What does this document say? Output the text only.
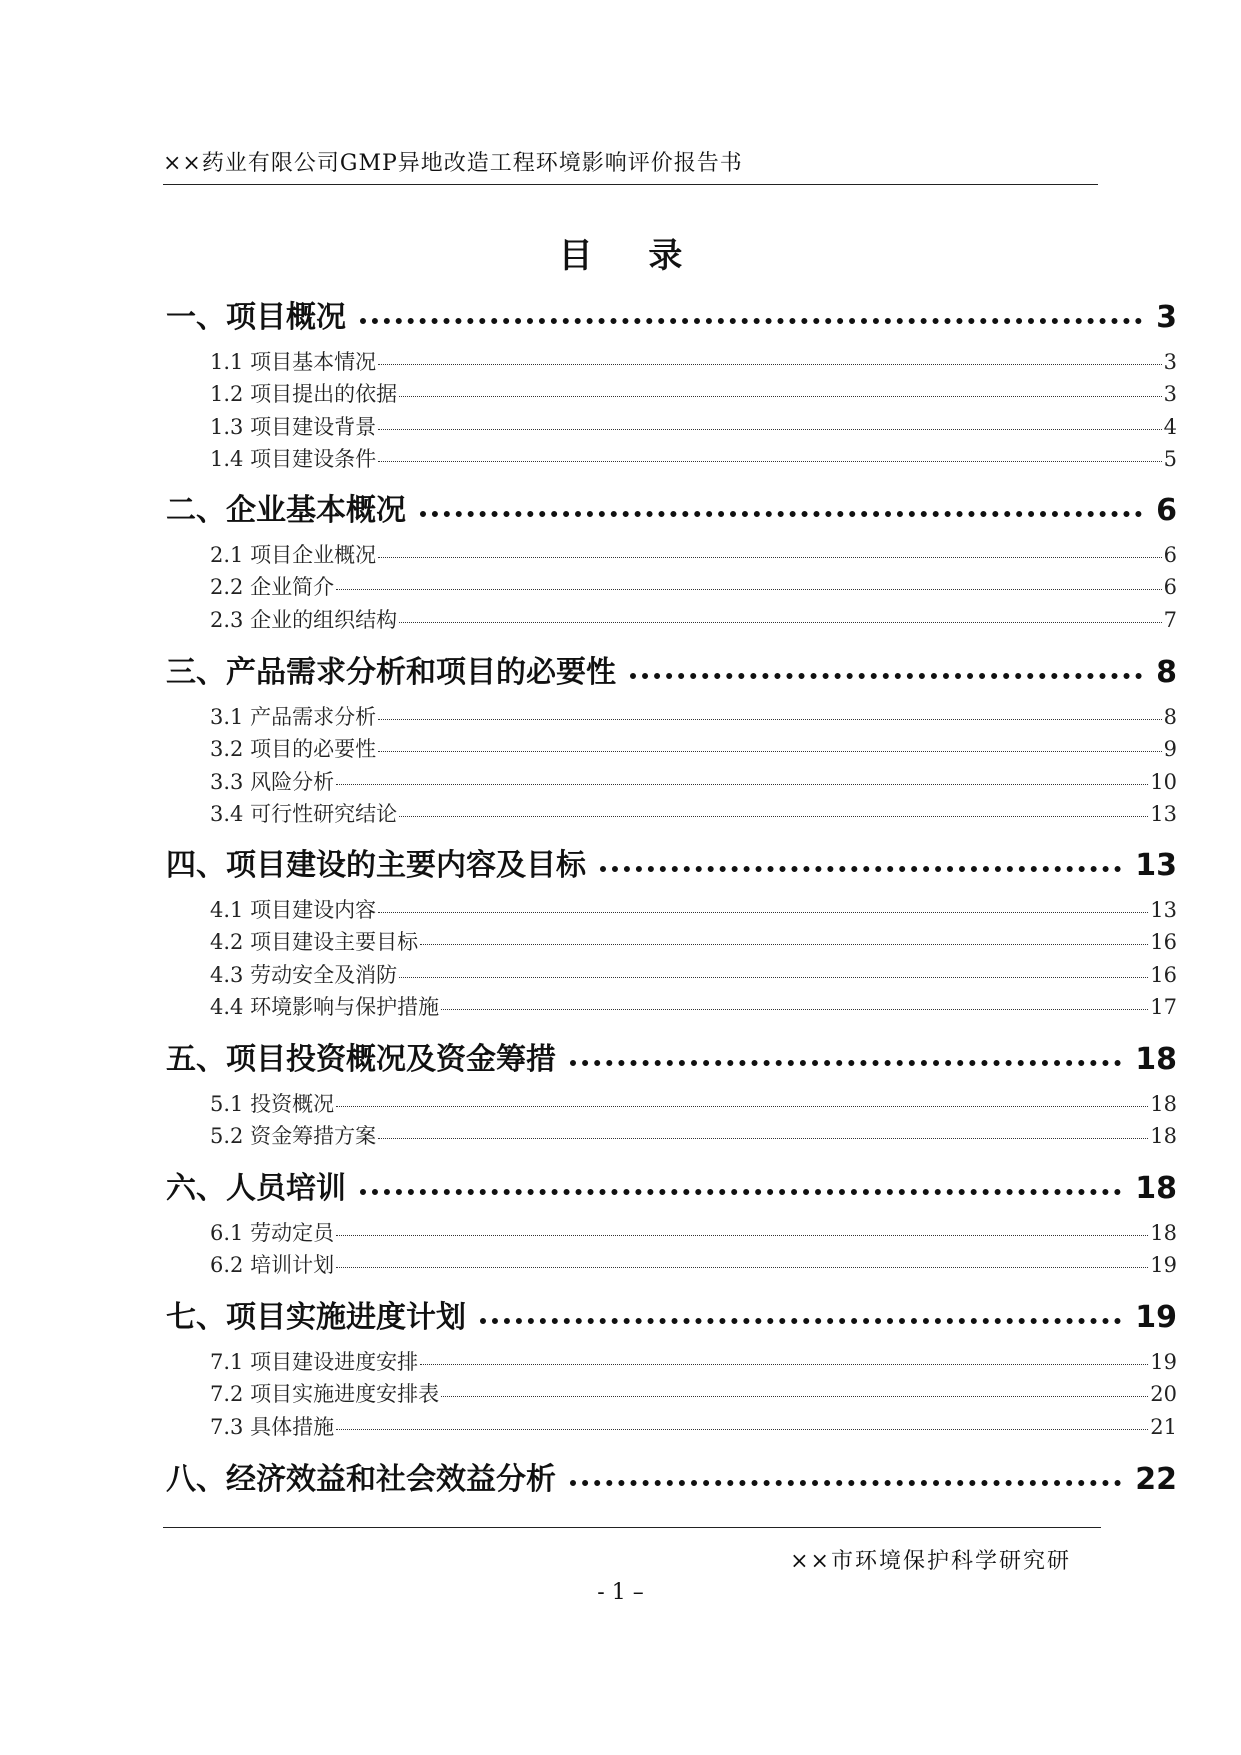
××药业有限公司GMP异地改造工程环境影响评价报告书
目 录
一、项目概况	3
1.1 项目基本情况	3
1.2 项目提出的依据	3
1.3 项目建设背景	4
1.4 项目建设条件	5
二、企业基本概况	6
2.1 项目企业概况	6
2.2 企业简介	6
2.3 企业的组织结构	7
三、产品需求分析和项目的必要性	8
3.1 产品需求分析	8
3.2 项目的必要性	9
3.3 风险分析	10
3.4 可行性研究结论	13
四、项目建设的主要内容及目标	13
4.1 项目建设内容	13
4.2 项目建设主要目标	16
4.3 劳动安全及消防	16
4.4 环境影响与保护措施	17
五、项目投资概况及资金筹措	18
5.1 投资概况	18
5.2 资金筹措方案	18
六、人员培训	18
6.1 劳动定员	18
6.2 培训计划	19
七、项目实施进度计划	19
7.1 项目建设进度安排	19
7.2 项目实施进度安排表	20
7.3 具体措施	21
八、经济效益和社会效益分析	22
××市环境保护科学研究研
- 1 –
